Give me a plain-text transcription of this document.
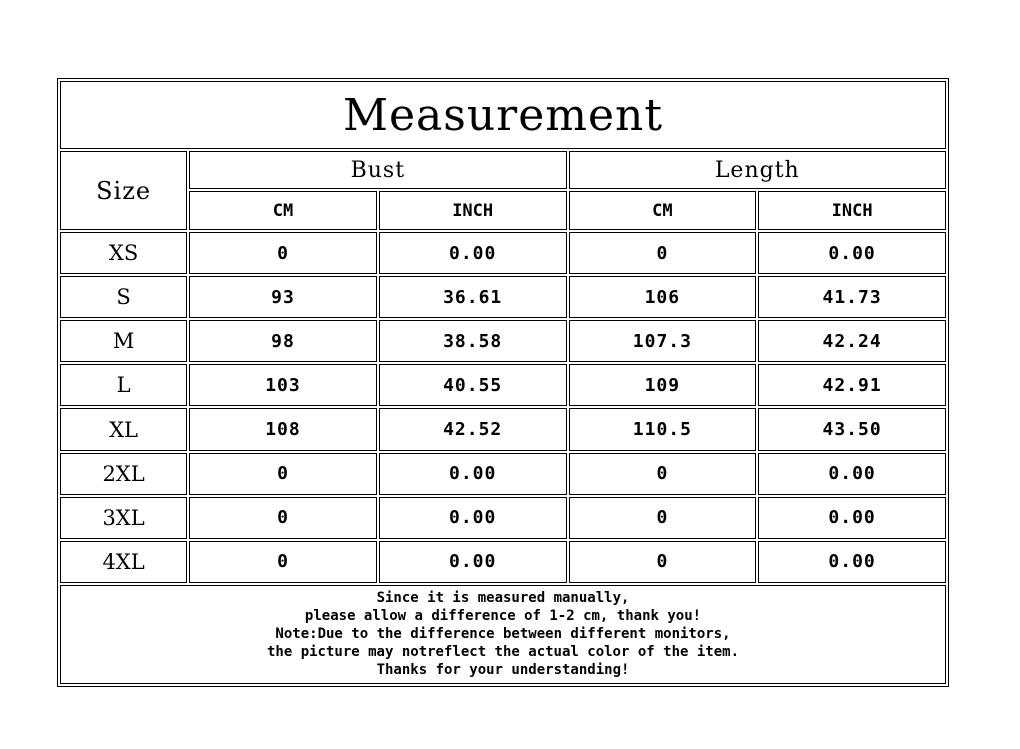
Measurement				
Size	Bust		Length	
	CM	INCH	CM	INCH
XS	0	0.00	0	0.00
S	93	36.61	106	41.73
M	98	38.58	107.3	42.24
L	103	40.55	109	42.91
XL	108	42.52	110.5	43.50
2XL	0	0.00	0	0.00
3XL	0	0.00	0	0.00
4XL	0	0.00	0	0.00

Since it is measured manually,
please allow a difference of 1-2 cm, thank you!
Note:Due to the difference between different monitors,
the picture may notreflect the actual color of the item.
Thanks for your understanding!				
